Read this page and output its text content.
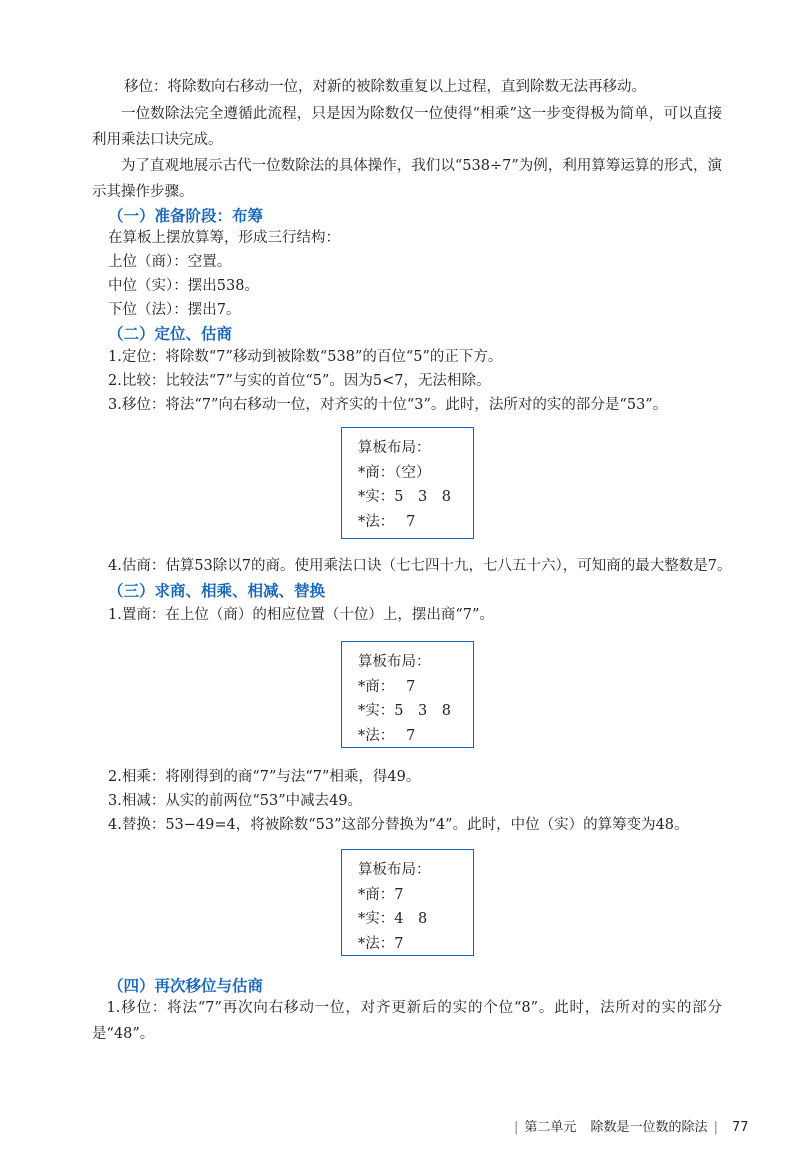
移位：将除数向右移动一位，对新的被除数重复以上过程，直到除数无法再移动。
一位数除法完全遵循此流程，只是因为除数仅一位使得“相乘”这一步变得极为简单，可以直接利用乘法口诀完成。
为了直观地展示古代一位数除法的具体操作，我们以“538÷7”为例，利用算筹运算的形式，演示其操作步骤。
（一）准备阶段：布筹
在算板上摆放算筹，形成三行结构：
上位（商）：空置。
中位（实）：摆出538。
下位（法）：摆出7。
（二）定位、估商
1.定位：将除数“7”移动到被除数“538”的百位“5”的正下方。
2.比较：比较法“7”与实的首位“5”。因为5<7，无法相除。
3.移位：将法“7”向右移动一位，对齐实的十位“3”。此时，法所对的实的部分是“53”。
算板布局：
*商：（空）
*实：5　3　8
*法：　 7
4.估商：估算53除以7的商。使用乘法口诀（七七四十九，七八五十六），可知商的最大整数是7。
（三）求商、相乘、相减、替换
1.置商：在上位（商）的相应位置（十位）上，摆出商“7”。
算板布局：
*商：　 7
*实：5　3　8
*法：　 7
2.相乘：将刚得到的商“7”与法“7”相乘，得49。
3.相减：从实的前两位“53”中减去49。
4.替换：53−49=4，将被除数“53”这部分替换为“4”。此时，中位（实）的算筹变为48。
算板布局：
*商：7
*实：4　8
*法：7
（四）再次移位与估商
1.移位：将法“7”再次向右移动一位，对齐更新后的实的个位“8”。此时，法所对的实的部分是“48”。
| 第二单元 除数是一位数的除法 | 77
